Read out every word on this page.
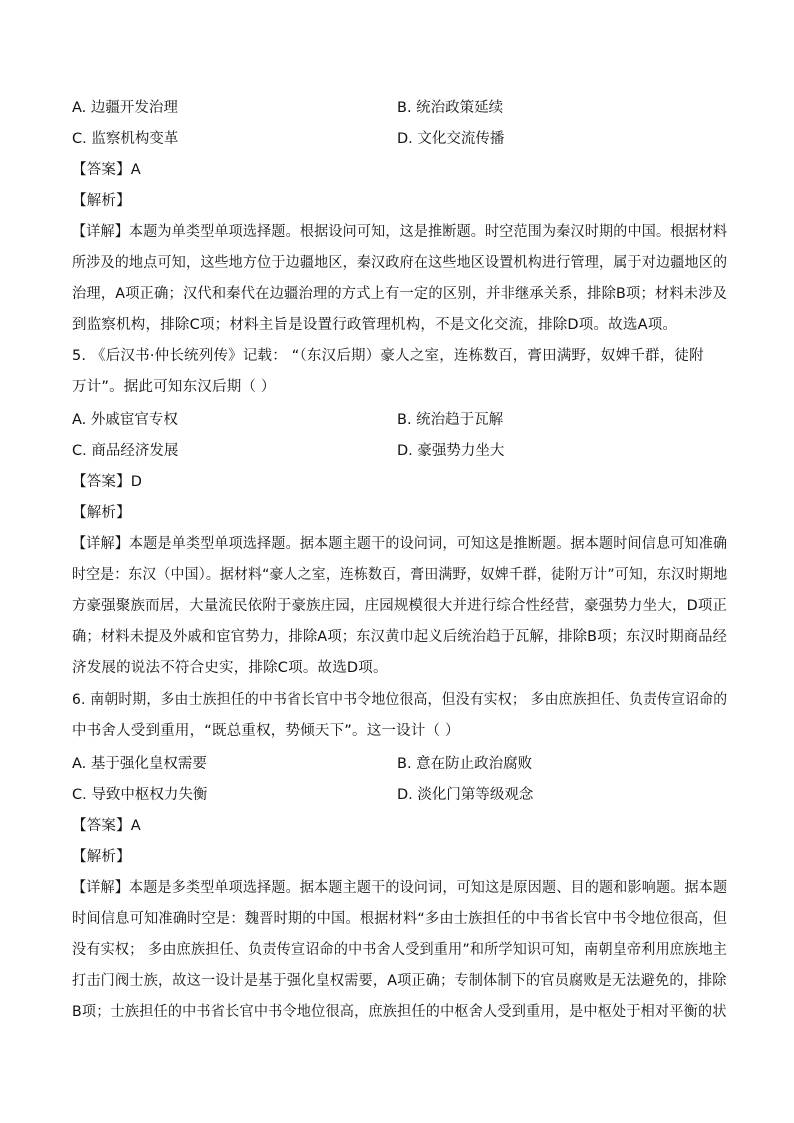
A. 边疆开发治理	B. 统治政策延续
C. 监察机构变革	D. 文化交流传播
【答案】A
【解析】
【详解】本题为单类型单项选择题。根据设问可知，这是推断题。时空范围为秦汉时期的中国。根据材料
所涉及的地点可知，这些地方位于边疆地区，秦汉政府在这些地区设置机构进行管理，属于对边疆地区的
治理，A项正确；汉代和秦代在边疆治理的方式上有一定的区别，并非继承关系，排除B项；材料未涉及
到监察机构，排除C项；材料主旨是设置行政管理机构，不是文化交流，排除D项。故选A项。
5. 《后汉书·仲长统列传》记载： “（东汉后期）豪人之室，连栋数百，膏田满野，奴婢千群，徒附
万计”。据此可知东汉后期（ ）
A. 外戚宦官专权	B. 统治趋于瓦解
C. 商品经济发展	D. 豪强势力坐大
【答案】D
【解析】
【详解】本题是单类型单项选择题。据本题主题干的设问词，可知这是推断题。据本题时间信息可知准确
时空是：东汉（中国）。据材料“豪人之室，连栋数百，膏田满野，奴婢千群，徒附万计”可知，东汉时期地
方豪强聚族而居，大量流民依附于豪族庄园，庄园规模很大并进行综合性经营，豪强势力坐大，D项正
确；材料未提及外戚和宦官势力，排除A项；东汉黄巾起义后统治趋于瓦解，排除B项；东汉时期商品经
济发展的说法不符合史实，排除C项。故选D项。
6. 南朝时期，多由士族担任的中书省长官中书令地位很高，但没有实权； 多由庶族担任、负责传宣诏命的
中书舍人受到重用，“既总重权，势倾天下”。这一设计（ ）
A. 基于强化皇权需要	B. 意在防止政治腐败
C. 导致中枢权力失衡	D. 淡化门第等级观念
【答案】A
【解析】
【详解】本题是多类型单项选择题。据本题主题干的设问词，可知这是原因题、目的题和影响题。据本题
时间信息可知准确时空是：魏晋时期的中国。根据材料“多由士族担任的中书省长官中书令地位很高，但
没有实权； 多由庶族担任、负责传宣诏命的中书舍人受到重用”和所学知识可知，南朝皇帝利用庶族地主
打击门阀士族，故这一设计是基于强化皇权需要，A项正确；专制体制下的官员腐败是无法避免的，排除
B项；士族担任的中书省长官中书令地位很高，庶族担任的中枢舍人受到重用，是中枢处于相对平衡的状
